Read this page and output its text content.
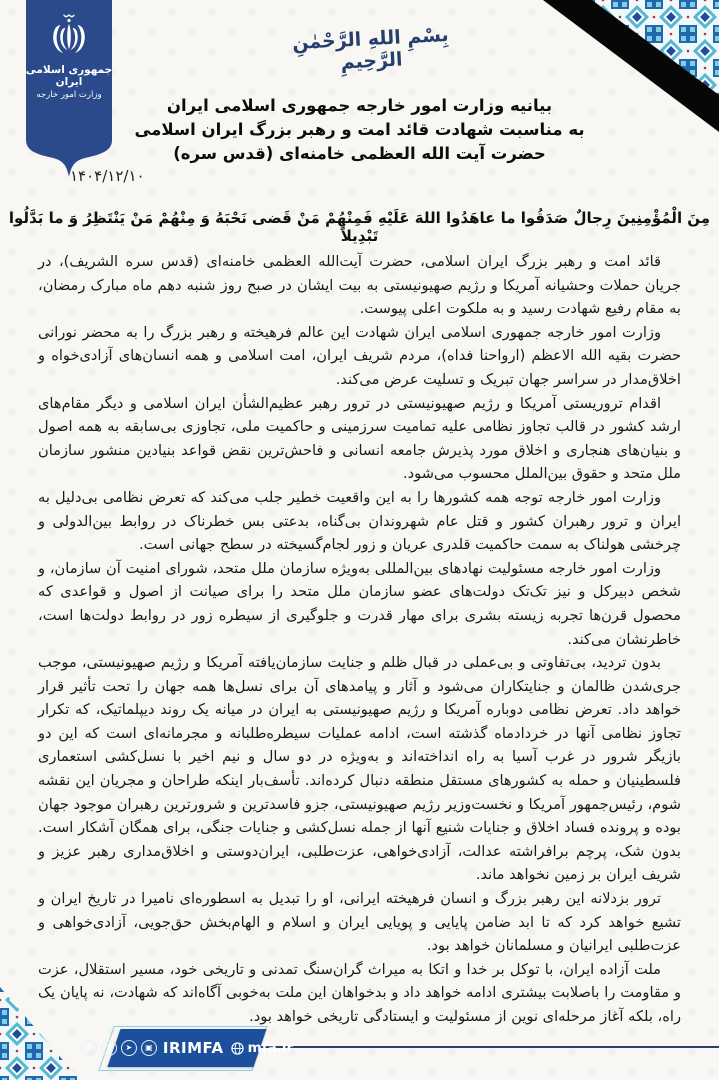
جمهوری اسلامی ایران
وزارت امور خارجه
بِسْمِ اللهِ الرَّحْمٰنِ الرَّحِیمِ
بیانیه وزارت امور خارجه جمهوری اسلامی ایران
به مناسبت شهادت قائد امت و رهبر بزرگ ایران اسلامی
حضرت آیت الله العظمی خامنه‌ای (قدس سره)
۱۴۰۴/۱۲/۱۰
مِنَ الْمُؤْمِنِینَ رِجالٌ صَدَقُوا ما عاهَدُوا اللهَ عَلَیْهِ فَمِنْهُمْ مَنْ قَضی نَحْبَهُ وَ مِنْهُمْ مَنْ یَنْتَظِرُ وَ ما بَدَّلُوا تَبْدِیلاً

قائد امت و رهبر بزرگ ایران اسلامی، حضرت آیت‌الله العظمی خامنه‌ای (قدس سره الشریف)، در جریان حملات وحشیانه آمریکا و رژیم صهیونیستی به بیت ایشان در صبح روز شنبه دهم ماه مبارک رمضان، به مقام رفیع شهادت رسید و به ملکوت اعلی پیوست.

وزارت امور خارجه جمهوری اسلامی ایران شهادت این عالم فرهیخته و رهبر بزرگ را به محضر نورانی حضرت بقیه الله الاعظم (ارواحنا فداه)، مردم شریف ایران، امت اسلامی و همه انسان‌های آزادی‌خواه و اخلاق‌مدار در سراسر جهان تبریک و تسلیت عرض می‌کند.

اقدام تروریستی آمریکا و رژیم صهیونیستی در ترور رهبر عظیم‌الشأن ایران اسلامی و دیگر مقام‌های ارشد کشور در قالب تجاوز نظامی علیه تمامیت سرزمینی و حاکمیت ملی، تجاوزی بی‌سابقه به همه اصول و بنیان‌های هنجاری و اخلاق مورد پذیرش جامعه انسانی و فاحش‌ترین نقض قواعد بنیادین منشور سازمان ملل متحد و حقوق بین‌الملل محسوب می‌شود.

وزارت امور خارجه توجه همه کشورها را به این واقعیت خطیر جلب می‌کند که تعرض نظامی بی‌دلیل به ایران و ترور رهبران کشور و قتل عام شهروندان بی‌گناه، بدعتی بس خطرناک در روابط بین‌الدولی و چرخشی هولناک به سمت حاکمیت قلدری عریان و زور لجام‌گسیخته در سطح جهانی است.

وزارت امور خارجه مسئولیت نهادهای بین‌المللی به‌ویژه سازمان ملل متحد، شورای امنیت آن سازمان، و شخص دبیرکل و نیز تک‌تک دولت‌های عضو سازمان ملل متحد را برای صیانت از اصول و قواعدی که محصول قرن‌ها تجربه زیسته بشری برای مهار قدرت و جلوگیری از سیطره زور در روابط دولت‌ها است، خاطرنشان می‌کند.

بدون تردید، بی‌تفاوتی و بی‌عملی در قبال ظلم و جنایت سازمان‌یافته آمریکا و رژیم صهیونیستی، موجب جری‌شدن ظالمان و جنایتکاران می‌شود و آثار و پیامدهای آن برای نسل‌ها همه جهان را تحت تأثیر قرار خواهد داد. تعرض نظامی دوباره آمریکا و رژیم صهیونیستی به ایران در میانه یک روند دیپلماتیک، که تکرار تجاوز نظامی آنها در خردادماه گذشته است، ادامه عملیات سیطره‌طلبانه و مجرمانه‌ای است که این دو بازیگر شرور در غرب آسیا به راه انداخته‌اند و به‌ویژه در دو سال و نیم اخیر با نسل‌کشی استعماری فلسطینیان و حمله به کشورهای مستقل منطقه دنبال کرده‌اند. تأسف‌بار اینکه طراحان و مجریان این نقشه شوم، رئیس‌جمهور آمریکا و نخست‌وزیر رژیم صهیونیستی، جزو فاسدترین و شرورترین رهبران موجود جهان بوده و پرونده فساد اخلاق و جنایات شنیع آنها از جمله نسل‌کشی و جنایات جنگی، برای همگان آشکار است. بدون شک، پرچم برافراشته عدالت، آزادی‌خواهی، عزت‌طلبی، ایران‌دوستی و اخلاق‌مداری رهبر عزیز و شریف ایران بر زمین نخواهد ماند.

ترور بزدلانه این رهبر بزرگ و انسان فرهیخته ایرانی، او را تبدیل به اسطوره‌ای نامیرا در تاریخ ایران و تشیع خواهد کرد که تا ابد ضامن پایایی و پویایی ایران و اسلام و الهام‌بخش حق‌جویی، آزادی‌خواهی و عزت‌طلبی ایرانیان و مسلمانان خواهد بود.

ملت آزاده ایران، با توکل بر خدا و اتکا به میراث گران‌سنگ تمدنی و تاریخی خود، مسیر استقلال، عزت و مقاومت را باصلابت بیشتری ادامه خواهد داد و بدخواهان این ملت به‌خوبی آگاه‌اند که شهادت، نه پایان یک راه، بلکه آغاز مرحله‌ای نوین از مسئولیت و ایستادگی تاریخی خواهد بود.

✕	f	➤	▣ IRIMFA mfa.ir
